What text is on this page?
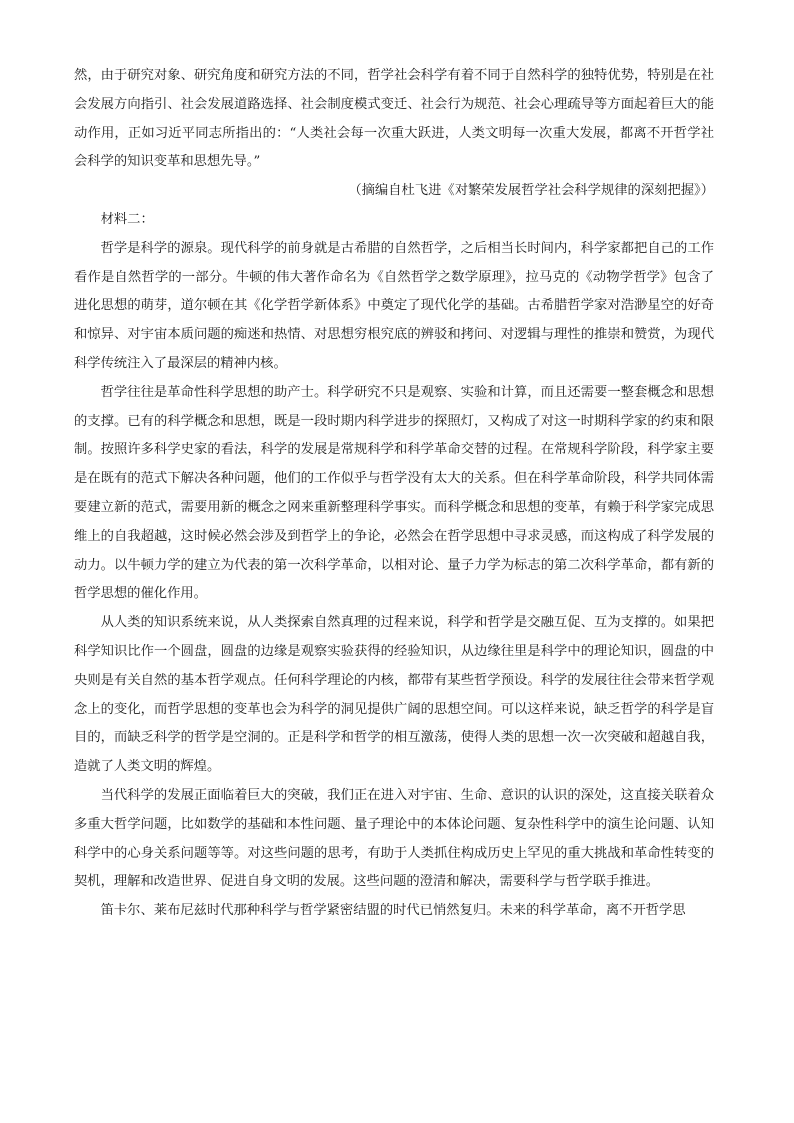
然，由于研究对象、研究角度和研究方法的不同，哲学社会科学有着不同于自然科学的独特优势，特别是在社会发展方向指引、社会发展道路选择、社会制度模式变迁、社会行为规范、社会心理疏导等方面起着巨大的能动作用，正如习近平同志所指出的：“人类社会每一次重大跃进，人类文明每一次重大发展，都离不开哲学社会科学的知识变革和思想先导。”

（摘编自杜飞进《对繁荣发展哲学社会科学规律的深刻把握》）

材料二：

哲学是科学的源泉。现代科学的前身就是古希腊的自然哲学，之后相当长时间内，科学家都把自己的工作看作是自然哲学的一部分。牛顿的伟大著作命名为《自然哲学之数学原理》，拉马克的《动物学哲学》包含了进化思想的萌芽，道尔顿在其《化学哲学新体系》中奠定了现代化学的基础。古希腊哲学家对浩渺星空的好奇和惊异、对宇宙本质问题的痴迷和热情、对思想穷根究底的辨驳和拷问、对逻辑与理性的推崇和赞赏，为现代科学传统注入了最深层的精神内核。

哲学往往是革命性科学思想的助产士。科学研究不只是观察、实验和计算，而且还需要一整套概念和思想的支撑。已有的科学概念和思想，既是一段时期内科学进步的探照灯，又构成了对这一时期科学家的约束和限制。按照许多科学史家的看法，科学的发展是常规科学和科学革命交替的过程。在常规科学阶段，科学家主要是在既有的范式下解决各种问题，他们的工作似乎与哲学没有太大的关系。但在科学革命阶段，科学共同体需要建立新的范式，需要用新的概念之网来重新整理科学事实。而科学概念和思想的变革，有赖于科学家完成思维上的自我超越，这时候必然会涉及到哲学上的争论，必然会在哲学思想中寻求灵感，而这构成了科学发展的动力。以牛顿力学的建立为代表的第一次科学革命，以相对论、量子力学为标志的第二次科学革命，都有新的哲学思想的催化作用。

从人类的知识系统来说，从人类探索自然真理的过程来说，科学和哲学是交融互促、互为支撑的。如果把科学知识比作一个圆盘，圆盘的边缘是观察实验获得的经验知识，从边缘往里是科学中的理论知识，圆盘的中央则是有关自然的基本哲学观点。任何科学理论的内核，都带有某些哲学预设。科学的发展往往会带来哲学观念上的变化，而哲学思想的变革也会为科学的洞见提供广阔的思想空间。可以这样来说，缺乏哲学的科学是盲目的，而缺乏科学的哲学是空洞的。正是科学和哲学的相互激荡，使得人类的思想一次一次突破和超越自我，造就了人类文明的辉煌。

当代科学的发展正面临着巨大的突破，我们正在进入对宇宙、生命、意识的认识的深处，这直接关联着众多重大哲学问题，比如数学的基础和本性问题、量子理论中的本体论问题、复杂性科学中的演生论问题、认知科学中的心身关系问题等等。对这些问题的思考，有助于人类抓住构成历史上罕见的重大挑战和革命性转变的契机，理解和改造世界、促进自身文明的发展。这些问题的澄清和解决，需要科学与哲学联手推进。

笛卡尔、莱布尼兹时代那种科学与哲学紧密结盟的时代已悄然复归。未来的科学革命，离不开哲学思
